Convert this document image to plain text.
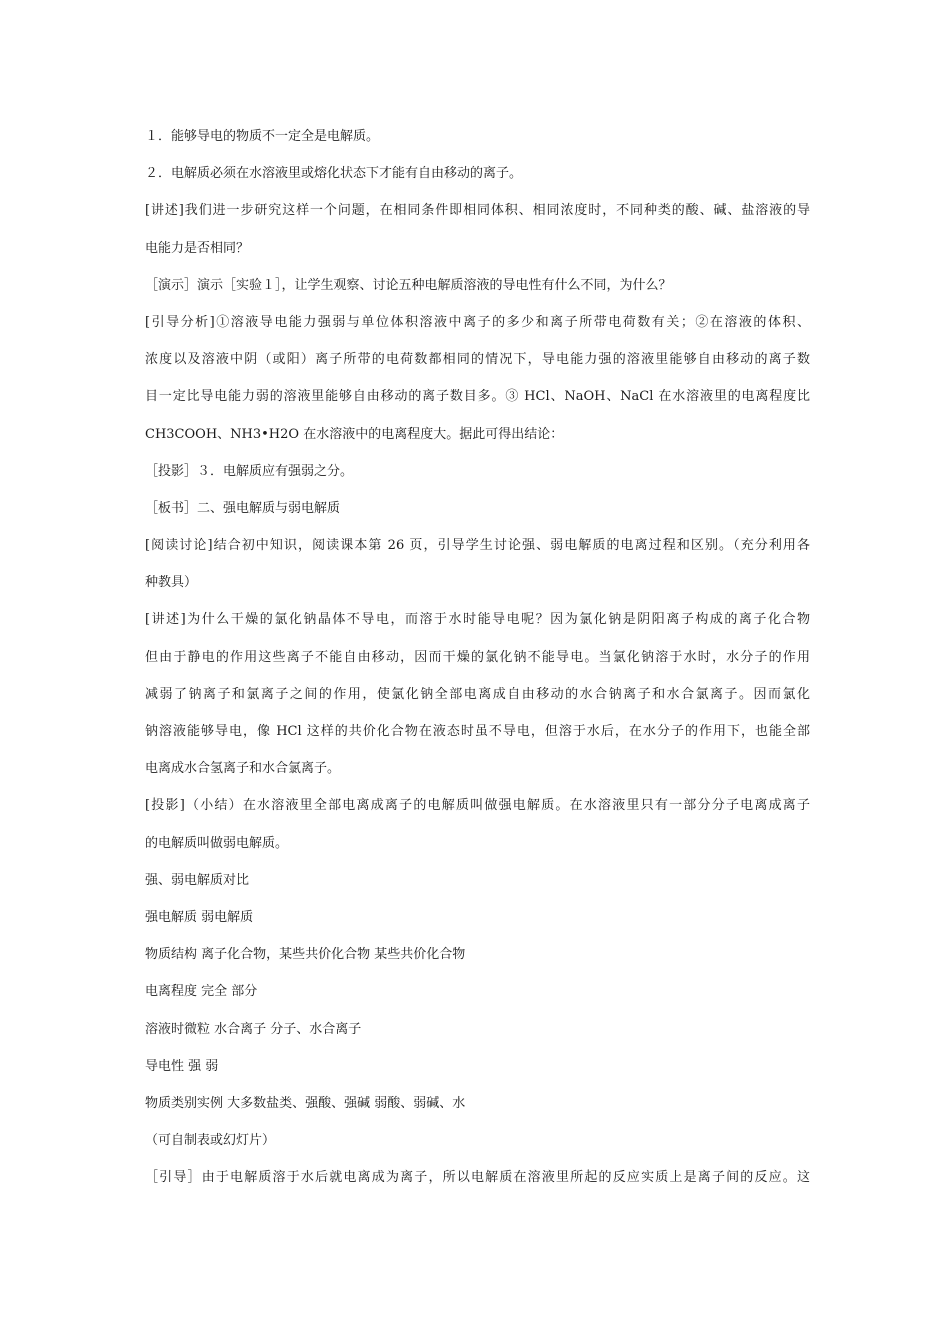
１．能够导电的物质不一定全是电解质。
２．电解质必须在水溶液里或熔化状态下才能有自由移动的离子。
[讲述]我们进一步研究这样一个问题，在相同条件即相同体积、相同浓度时，不同种类的酸、碱、盐溶液的导
电能力是否相同？
［演示］演示［实验１］，让学生观察、讨论五种电解质溶液的导电性有什么不同，为什么？
[引导分析]①溶液导电能力强弱与单位体积溶液中离子的多少和离子所带电荷数有关；②在溶液的体积、
浓度以及溶液中阴（或阳）离子所带的电荷数都相同的情况下，导电能力强的溶液里能够自由移动的离子数
目一定比导电能力弱的溶液里能够自由移动的离子数目多。③ HCl、NaOH、NaCl 在水溶液里的电离程度比
CH3COOH、NH3•H2O 在水溶液中的电离程度大。据此可得出结论：
［投影］３．电解质应有强弱之分。
［板书］二、强电解质与弱电解质
[阅读讨论]结合初中知识，阅读课本第 26 页，引导学生讨论强、弱电解质的电离过程和区别。（充分利用各
种教具）
[讲述]为什么干燥的氯化钠晶体不导电，而溶于水时能导电呢？因为氯化钠是阴阳离子构成的离子化合物
但由于静电的作用这些离子不能自由移动，因而干燥的氯化钠不能导电。当氯化钠溶于水时，水分子的作用
减弱了钠离子和氯离子之间的作用，使氯化钠全部电离成自由移动的水合钠离子和水合氯离子。因而氯化
钠溶液能够导电，像 HCl 这样的共价化合物在液态时虽不导电，但溶于水后，在水分子的作用下，也能全部
电离成水合氢离子和水合氯离子。
[投影]（小结）在水溶液里全部电离成离子的电解质叫做强电解质。在水溶液里只有一部分分子电离成离子
的电解质叫做弱电解质。
强、弱电解质对比
强电解质 弱电解质
物质结构 离子化合物，某些共价化合物 某些共价化合物
电离程度 完全 部分
溶液时微粒 水合离子 分子、水合离子
导电性 强 弱
物质类别实例 大多数盐类、强酸、强碱 弱酸、弱碱、水
（可自制表或幻灯片）
［引导］由于电解质溶于水后就电离成为离子，所以电解质在溶液里所起的反应实质上是离子间的反应。这
